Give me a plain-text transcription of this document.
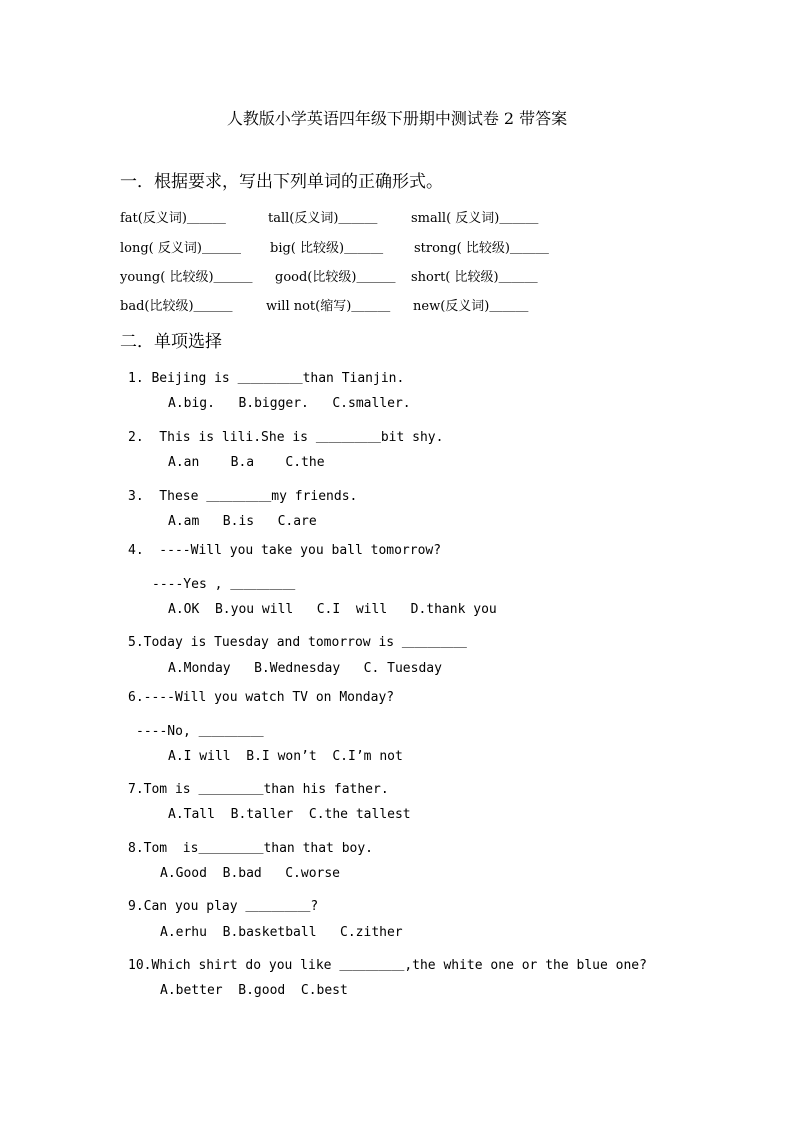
人教版小学英语四年级下册期中测试卷 2 带答案
一．根据要求，写出下列单词的正确形式。
fat(反义词)＿＿＿	tall(反义词)＿＿＿	small( 反义词)＿＿＿
long( 反义词)＿＿＿ big( 比较级)＿＿＿ strong( 比较级)＿＿＿
young( 比较级)＿＿＿ good(比较级)＿＿＿ short( 比较级)＿＿＿
bad(比较级)＿＿＿	will not(缩写)＿＿＿ new(反义词)＿＿＿
二．单项选择
1. Beijing is ＿＿＿＿＿than Tianjin.
A.big.   B.bigger.   C.smaller.
2.  This is lili.She is ＿＿＿＿＿bit shy.
A.an    B.a    C.the
3.  These ＿＿＿＿＿my friends.
A.am   B.is   C.are
4.  ----Will you take you ball tomorrow?
----Yes , ＿＿＿＿＿
A.OK  B.you will   C.I  will   D.thank you
5.Today is Tuesday and tomorrow is ＿＿＿＿＿
A.Monday   B.Wednesday   C. Tuesday
6.----Will you watch TV on Monday?
----No, ＿＿＿＿＿
A.I will  B.I won’t  C.I’m not
7.Tom is ＿＿＿＿＿than his father.
A.Tall  B.taller  C.the tallest
8.Tom  is＿＿＿＿＿than that boy.
A.Good  B.bad   C.worse
9.Can you play ＿＿＿＿＿?
A.erhu  B.basketball   C.zither
10.Which shirt do you like ＿＿＿＿＿,the white one or the blue one?
A.better  B.good  C.best
